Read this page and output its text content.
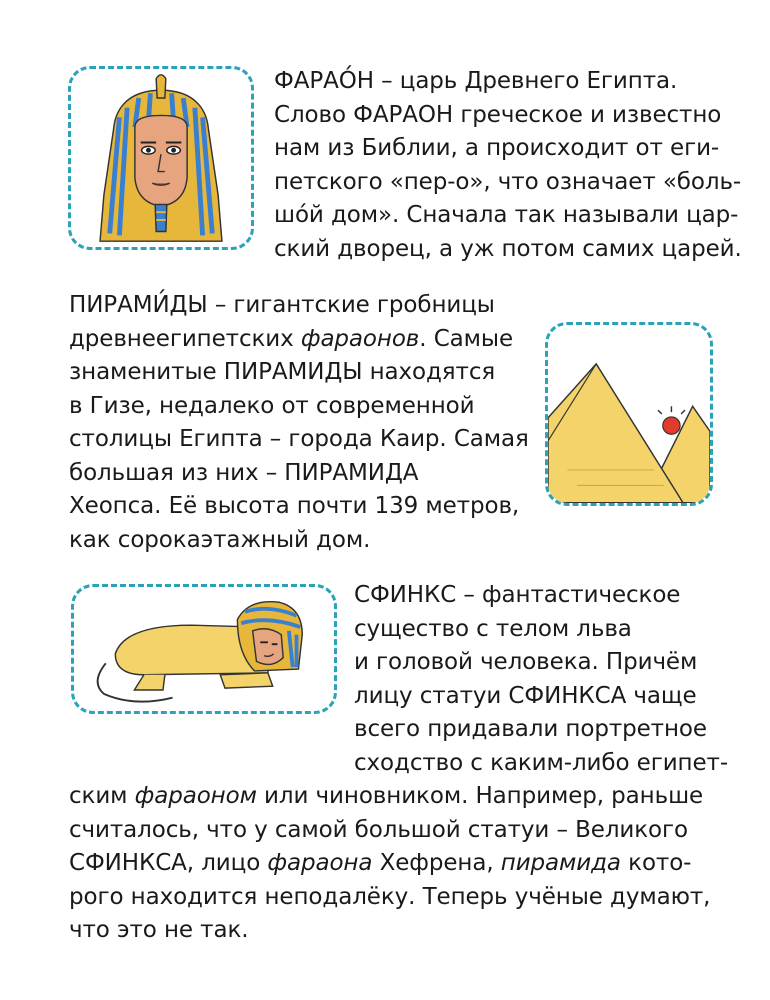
ФАРАО́Н – царь Древнего Египта.
Слово ФАРАОН греческое и известно
нам из Библии, а происходит от еги-
петского «пер-о», что означает «боль-
шо́й дом». Сначала так называли цар-
ский дворец, а уж потом самих царей.
ПИРАМИ́ДЫ – гигантские гробницы
древнеегипетских фараонов. Самые
знаменитые ПИРАМИДЫ находятся
в Гизе, недалеко от современной
столицы Египта – города Каир. Самая
большая из них – ПИРАМИДА
Хеопса. Её высота почти 139 метров,
как сорокаэтажный дом.
СФИНКС – фантастическое
существо с телом льва
и головой человека. Причём
лицу статуи СФИНКСА чаще
всего придавали портретное
сходство с каким-либо египет-
ским фараоном или чиновником. Например, раньше
считалось, что у самой большой статуи – Великого
СФИНКСА, лицо фараона Хефрена, пирамида кото-
рого находится неподалёку. Теперь учёные думают,
что это не так.
